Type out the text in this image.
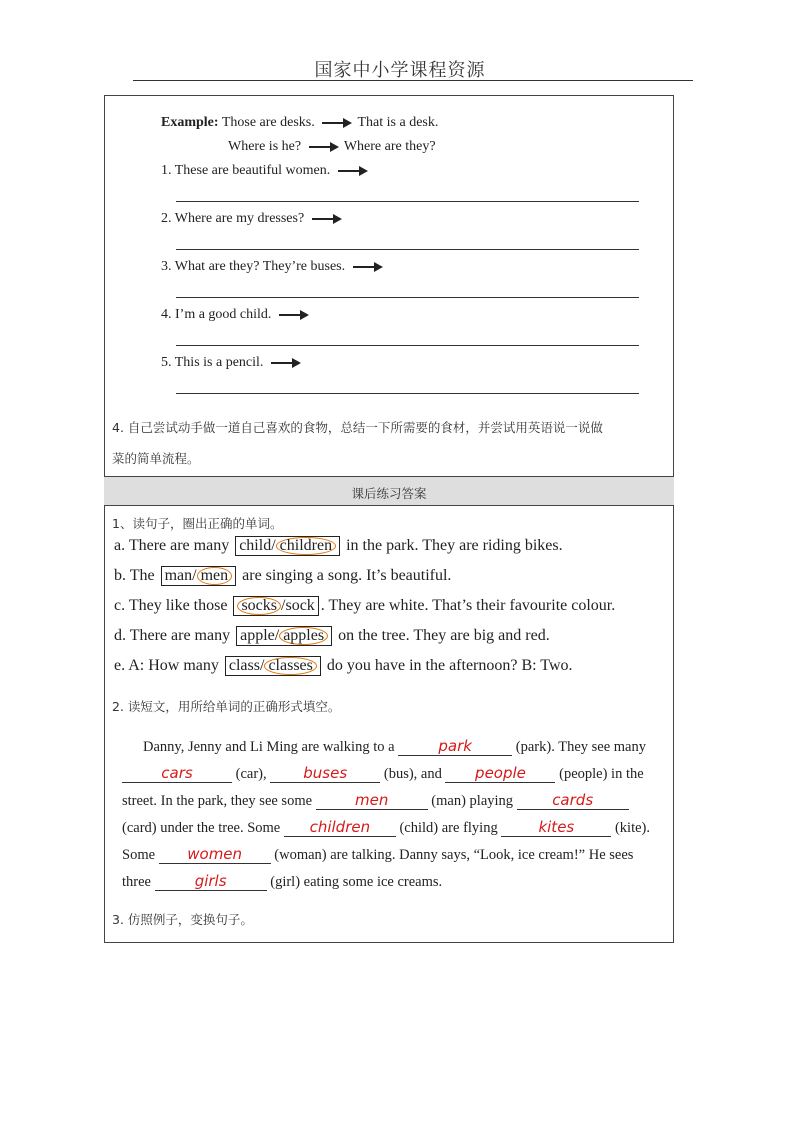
国家中小学课程资源
Example: Those are desks.	That is a desk.
Where is he?	Where are they?
1. These are beautiful women.
2. Where are my dresses?
3. What are they? They’re buses.
4. I’m a good child.
5. This is a pencil.
4. 自己尝试动手做一道自己喜欢的食物，总结一下所需要的食材，并尝试用英语说一说做
菜的简单流程。
课后练习答案
1、读句子，圈出正确的单词。
a. There are many child/ children in the park. They are riding bikes.
b. The man/ men are singing a song. It’s beautiful.
c. They like those socks /sock . They are white. That’s their favourite colour.
d. There are many apple/ apples on the tree. They are big and red.
e. A: How many class/ classes do you have in the afternoon? B: Two.
2. 读短文，用所给单词的正确形式填空。
Danny, Jenny and Li Ming are walking to a	park	(park). They see many
cars	(car), buses	(bus), and people (people) in the
street. In the park, they see some	men	(man) playing	cards
(card) under the tree. Some children (child) are flying	kites	(kite).
Some women (woman) are talking. Danny says, “Look, ice cream!” He sees
three	girls	(girl) eating some ice creams.
3. 仿照例子，变换句子。
